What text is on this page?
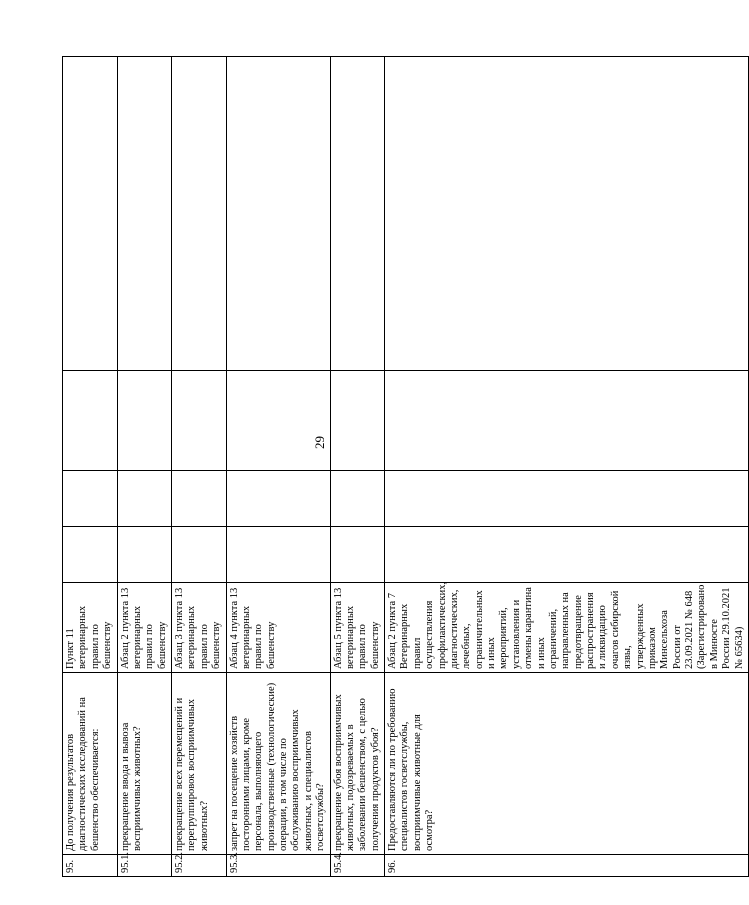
29
95.	До получения результатов диагностических исследований на бешенство обеспечивается:	Пункт 11 ветеринарных правил по бешенству				
95.1.	прекращение ввода и вывоза восприимчивых животных?	Абзац 2 пункта 13 ветеринарных правил по бешенству				
95.2.	прекращение всех перемещений и перегруппировок восприимчивых животных?	Абзац 3 пункта 13 ветеринарных правил по бешенству				
95.3.	запрет на посещение хозяйств посторонними лицами, кроме персонала, выполняющего производственные (технологические) операции, в том числе по обслуживанию восприимчивых животных, и специалистов госветслужбы?	Абзац 4 пункта 13 ветеринарных правил по бешенству				
95.4.	прекращение убоя восприимчивых животных, подозреваемых в заболевании бешенством, с целью получения продуктов убоя?	Абзац 5 пункта 13 ветеринарных правил по бешенству				
96.	Предоставляются ли по требованию специалистов госветслужбы, восприимчивые животные для осмотра?	Абзац 2 пункта 7 Ветеринарных правил осуществления профилактических, диагностических, лечебных, ограничительных и иных мероприятий, установления и отмены карантина и иных ограничений, направленных на предотвращение распространения и ликвидацию очагов сибирской язвы, утвержденных приказом Минсельхоза России от 23.09.2021 № 648 (Зарегистрировано в Минюсте России 29.10.2021 № 65634)				
